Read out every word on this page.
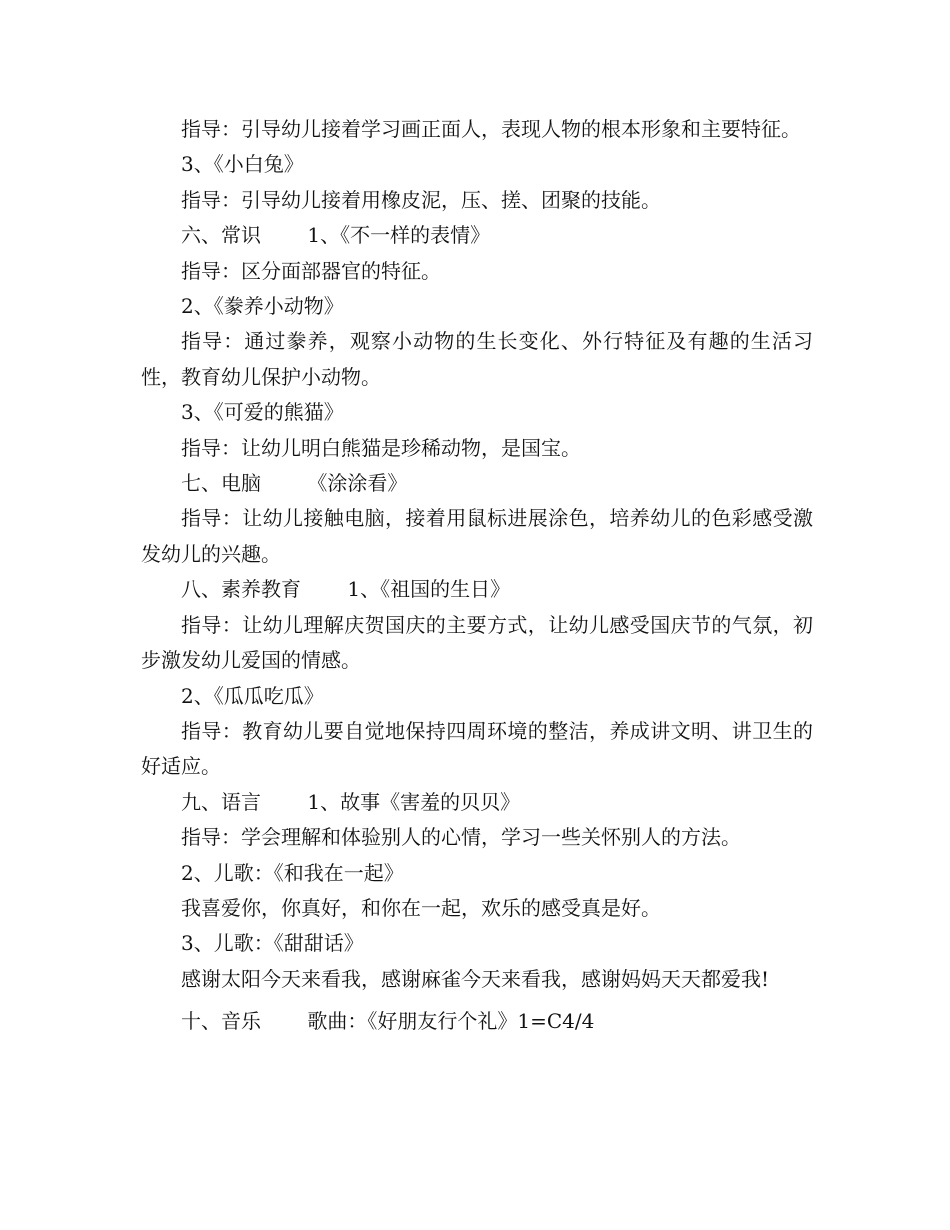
指导：引导幼儿接着学习画正面人，表现人物的根本形象和主要特征。

3、《小白兔》

指导：引导幼儿接着用橡皮泥，压、搓、团聚的技能。

六、常识　　 1、《不一样的表情》

指导：区分面部器官的特征。

2、《豢养小动物》

指导：通过豢养，观察小动物的生长变化、外行特征及有趣的生活习性，教育幼儿保护小动物。

3、《可爱的熊猫》

指导：让幼儿明白熊猫是珍稀动物，是国宝。

七、电脑　　 《涂涂看》

指导：让幼儿接触电脑，接着用鼠标进展涂色，培养幼儿的色彩感受激发幼儿的兴趣。

八、素养教育　　 1、《祖国的生日》

指导：让幼儿理解庆贺国庆的主要方式，让幼儿感受国庆节的气氛，初步激发幼儿爱国的情感。

2、《瓜瓜吃瓜》

指导：教育幼儿要自觉地保持四周环境的整洁，养成讲文明、讲卫生的好适应。

九、语言　　 1、故事《害羞的贝贝》

指导：学会理解和体验别人的心情，学习一些关怀别人的方法。

2、儿歌：《和我在一起》

我喜爱你，你真好，和你在一起，欢乐的感受真是好。

3、儿歌：《甜甜话》

感谢太阳今天来看我，感谢麻雀今天来看我，感谢妈妈天天都爱我!

十、音乐　　 歌曲：《好朋友行个礼》1=C4/4
